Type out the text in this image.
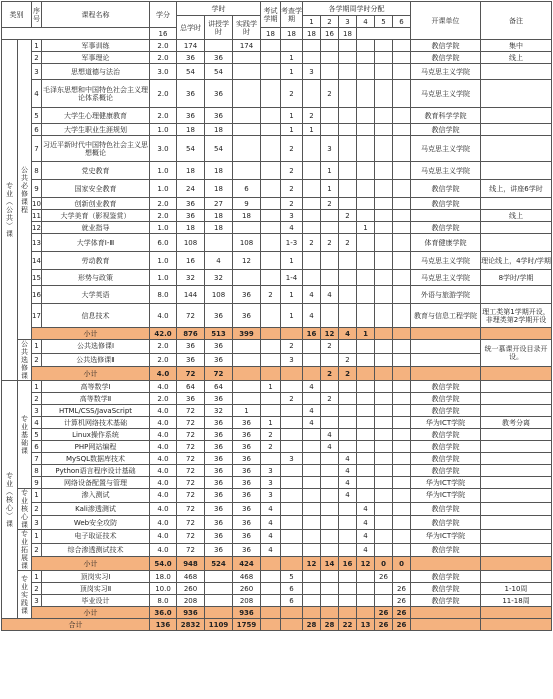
类别		序号	课程名称	学分	学时			考试学期	考查学期	各学期周学时分配						开课单位	备注
					总学时	讲授学时	实践学时			1	2	3	4	5	6		
				16				18	18	18	16	18					
专业（公共）课	公共必修课程	1	军事训练	2.0	174		174									教信学院	集中
		2	军事理论	2.0	36	36			1							教信学院	线上
		3	思想道德与法治	3.0	54	54			1	3						马克思主义学院	
		4	毛泽东思想和中国特色社会主义理论体系概论	2.0	36	36			2		2					马克思主义学院	
		5	大学生心理健康教育	2.0	36	36			1	2						教育科学学院	
		6	大学生职业生涯规划	1.0	18	18			1	1						教信学院	
		7	习近平新时代中国特色社会主义思想概论	3.0	54	54			2		3					马克思主义学院	
		8	党史教育	1.0	18	18			2		1					马克思主义学院	
		9	国家安全教育	1.0	24	18	6		2		1					教信学院	线上，讲座6学时
		10	创新创业教育	2.0	36	27	9		2		2					教信学院	
		11	大学美育（影视鉴赏）	2.0	36	18	18		3			2					线上
		12	就业指导	1.0	18	18			4				1			教信学院	
		13	大学体育Ⅰ-Ⅲ	6.0	108		108		1-3	2	2	2				体育健康学院	
		14	劳动教育	1.0	16	4	12		1							马克思主义学院	理论线上，4学时/学期
		15	形势与政策	1.0	32	32			1-4							马克思主义学院	8学时/学期
		16	大学英语	8.0	144	108	36	2	1	4	4					外语与旅游学院	
		17	信息技术	4.0	72	36	36		1	4						教育与信息工程学院	理工类第1学期开设，非理类第2学期开设
		小计		42.0	876	513	399			16	12	4	1				
	公共选修课	1	公共选修课Ⅰ	2.0	36	36			2		2						统一慕课开设目录开设。
		2	公共选修课Ⅱ	2.0	36	36			3			2					
		小计		4.0	72	72					2	2					
专业（核心）课	专业基础课	1	高等数学Ⅰ	4.0	64	64		1		4						教信学院	
		2	高等数学Ⅱ	2.0	36	36			2		2					教信学院	
		3	HTML/CSS/JavaScript	4.0	72	32	1			4						教信学院	
		4	计算机网络技术基础	4.0	72	36	36	1		4						华为ICT学院	教考分离
		5	Linux操作系统	4.0	72	36	36	2			4					教信学院	
		6	PHP网站编程	4.0	72	36	36	2			4					教信学院	
		7	MySQL数据库技术	4.0	72	36	36		3			4				教信学院	
		8	Python语言程序设计基础	4.0	72	36	36	3				4				教信学院	
		9	网络设备配置与管理	4.0	72	36	36	3				4				华为ICT学院	
	专业核心课	1	渗入测试	4.0	72	36	36	3				4				华为ICT学院	
		2	Kali渗透测试	4.0	72	36	36	4					4			教信学院	
		3	Web安全攻防	4.0	72	36	36	4					4			教信学院	
	专业拓展课	1	电子取证技术	4.0	72	36	36	4					4			华为ICT学院	
		2	综合渗透测试技术	4.0	72	36	36	4					4			教信学院	
		小计		54.0	948	524	424			12	14	16	12	0	0		
	专业实践课	1	顶岗实习Ⅰ	18.0	468		468		5					26		教信学院	
		2	顶岗实习Ⅱ	10.0	260		260		6						26	教信学院	1-10周
		3	毕业设计	8.0	208		208		6						26	教信学院	11-18周
		小计		36.0	936		936							26	26		
合计				136	2832	1109	1759			28	28	22	13	26	26		
